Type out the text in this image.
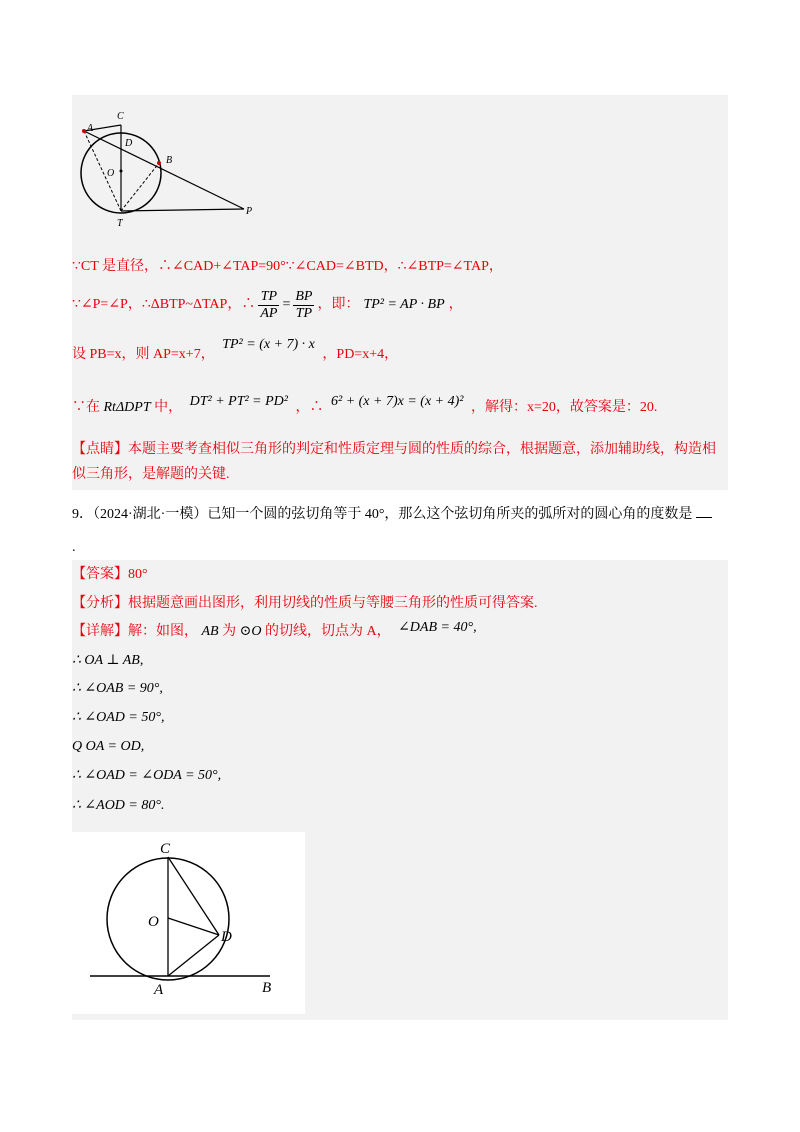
A
C
D
B
O
T
P
∵CT 是直径，∴∠CAD+∠TAP=90°∵∠CAD=∠BTD，∴∠BTP=∠TAP，
∵∠P=∠P，∴ΔBTP~ΔTAP，∴ $\frac{TP}{AP} = \frac{BP}{TP}$ ，即： TP² = AP · BP ，
设 PB=x，则 AP=x+7， TP² = (x + 7) · x ，PD=x+4，
∵在 RtΔDPT 中， DT² + PT² = PD² ，∴ 6² + (x + 7)x = (x + 4)² ，解得：x=20，故答案是：20.
【点睛】本题主要考查相似三角形的判定和性质定理与圆的性质的综合，根据题意，添加辅助线，构造相
似三角形，是解题的关键.
9．（2024·湖北·一模）已知一个圆的弦切角等于 40°，那么这个弦切角所夹的弧所对的圆心角的度数是
.
【答案】80°
【分析】根据题意画出图形，利用切线的性质与等腰三角形的性质可得答案.
【详解】解：如图， AB 为 ⊙O 的切线，切点为 A， ∠DAB = 40°,
∴ OA ⊥ AB,
∴ ∠OAB = 90°,
∴ ∠OAD = 50°,
Q OA = OD,
∴ ∠OAD = ∠ODA = 50°,
∴ ∠AOD = 80°.
C
O
D
A	B
